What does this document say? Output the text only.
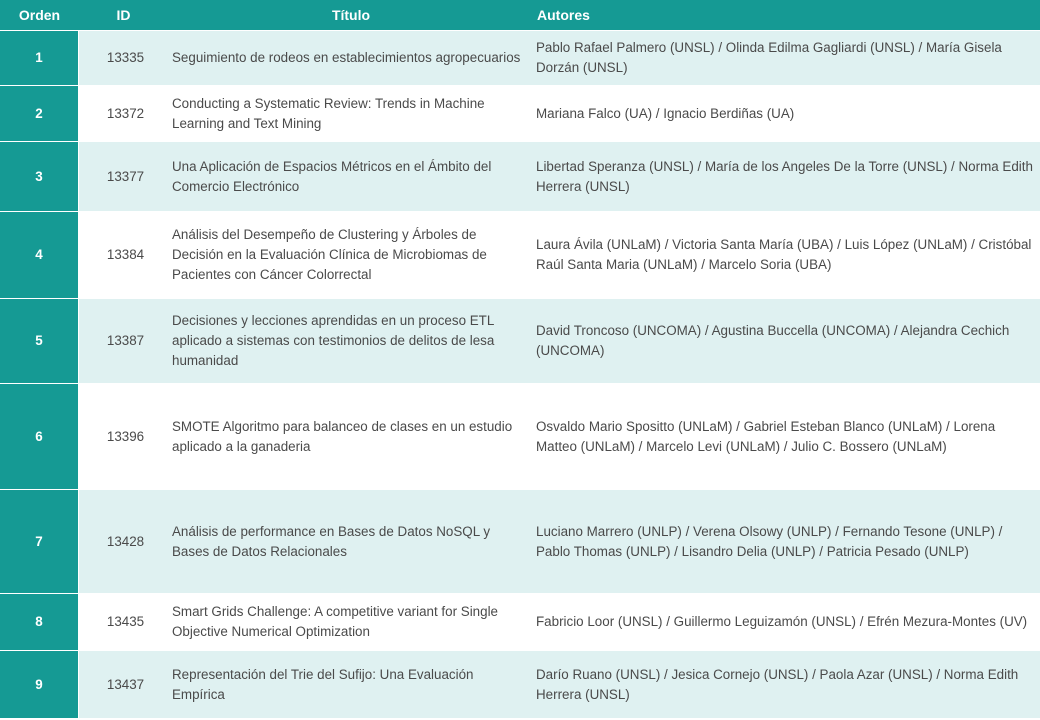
Orden	ID	Título	Autores
1	13335	Seguimiento de rodeos en establecimientos agropecuarios	Pablo Rafael Palmero (UNSL) / Olinda Edilma Gagliardi (UNSL) / María Gisela Dorzán (UNSL)
2	13372	Conducting a Systematic Review: Trends in Machine Learning and Text Mining	Mariana Falco (UA) / Ignacio Berdiñas (UA)
3	13377	Una Aplicación de Espacios Métricos en el Ámbito del Comercio Electrónico	Libertad Speranza (UNSL) / María de los Angeles De la Torre (UNSL) / Norma Edith Herrera (UNSL)
4	13384	Análisis del Desempeño de Clustering y Árboles de Decisión en la Evaluación Clínica de Microbiomas de Pacientes con Cáncer Colorrectal	Laura Ávila (UNLaM) / Victoria Santa María (UBA) / Luis López (UNLaM) / Cristóbal Raúl Santa Maria (UNLaM) / Marcelo Soria (UBA)
5	13387	Decisiones y lecciones aprendidas en un proceso ETL aplicado a sistemas con testimonios de delitos de lesa humanidad	David Troncoso (UNCOMA) / Agustina Buccella (UNCOMA) / Alejandra Cechich (UNCOMA)
6	13396	SMOTE Algoritmo para balanceo de clases en un estudio aplicado a la ganaderia	Osvaldo Mario Spositto (UNLaM) / Gabriel Esteban Blanco (UNLaM) / Lorena Matteo (UNLaM) / Marcelo Levi (UNLaM) / Julio C. Bossero (UNLaM)
7	13428	Análisis de performance en Bases de Datos NoSQL y Bases de Datos Relacionales	Luciano Marrero (UNLP) / Verena Olsowy (UNLP) / Fernando Tesone (UNLP) / Pablo Thomas (UNLP) / Lisandro Delia (UNLP) / Patricia Pesado (UNLP)
8	13435	Smart Grids Challenge: A competitive variant for Single Objective Numerical Optimization	Fabricio Loor (UNSL) / Guillermo Leguizamón (UNSL) / Efrén Mezura-Montes (UV)
9	13437	Representación del Trie del Sufijo: Una Evaluación Empírica	Darío Ruano (UNSL) / Jesica Cornejo (UNSL) / Paola Azar (UNSL) / Norma Edith Herrera (UNSL)
